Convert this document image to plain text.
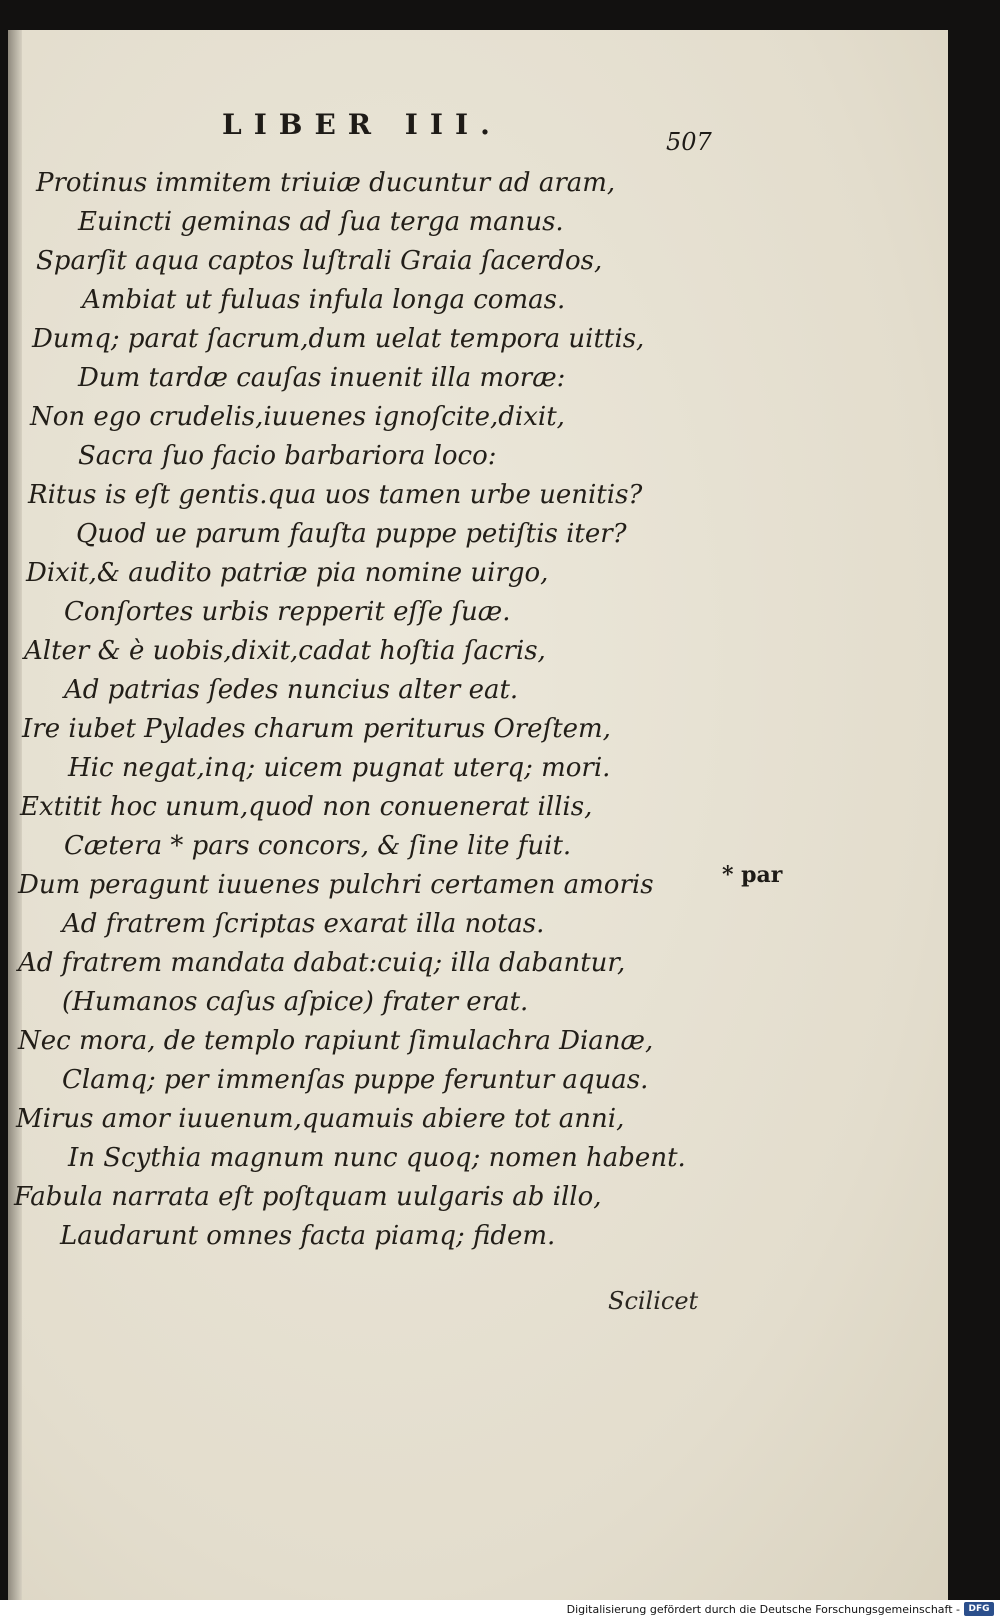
LIBER III.
507
Protinus immitem triuiæ ducuntur ad aram,
Euincti geminas ad ſua terga manus.
Sparſit aqua captos luſtrali Graia ſacerdos,
Ambiat ut fuluas infula longa comas.
Dumq; parat ſacrum,dum uelat tempora uittis,
Dum tardæ cauſas inuenit illa moræ:
Non ego crudelis,iuuenes ignoſcite,dixit,
Sacra ſuo facio barbariora loco:
Ritus is eſt gentis.qua uos tamen urbe uenitis?
Quod ue parum fauſta puppe petiſtis iter?
Dixit,& audito patriæ pia nomine uirgo,
Conſortes urbis repperit eſſe ſuæ.
Alter & è uobis,dixit,cadat hoſtia ſacris,
Ad patrias ſedes nuncius alter eat.
Ire iubet Pylades charum periturus Oreſtem,
Hic negat,inq; uicem pugnat uterq; mori.
Extitit hoc unum,quod non conuenerat illis,
Cætera * pars concors, & ſine lite fuit.
Dum peragunt iuuenes pulchri certamen amoris
Ad fratrem ſcriptas exarat illa notas.
Ad fratrem mandata dabat:cuiq; illa dabantur,
(Humanos caſus aſpice) frater erat.
Nec mora, de templo rapiunt ſimulachra Dianæ,
Clamq; per immenſas puppe feruntur aquas.
Mirus amor iuuenum,quamuis abiere tot anni,
In Scythia magnum nunc quoq; nomen habent.
Fabula narrata eſt poſtquam uulgaris ab illo,
Laudarunt omnes facta piamq; fidem.
* par
Scilicet
Digitalisierung gefördert durch die Deutsche Forschungsgemeinschaft - DFG
